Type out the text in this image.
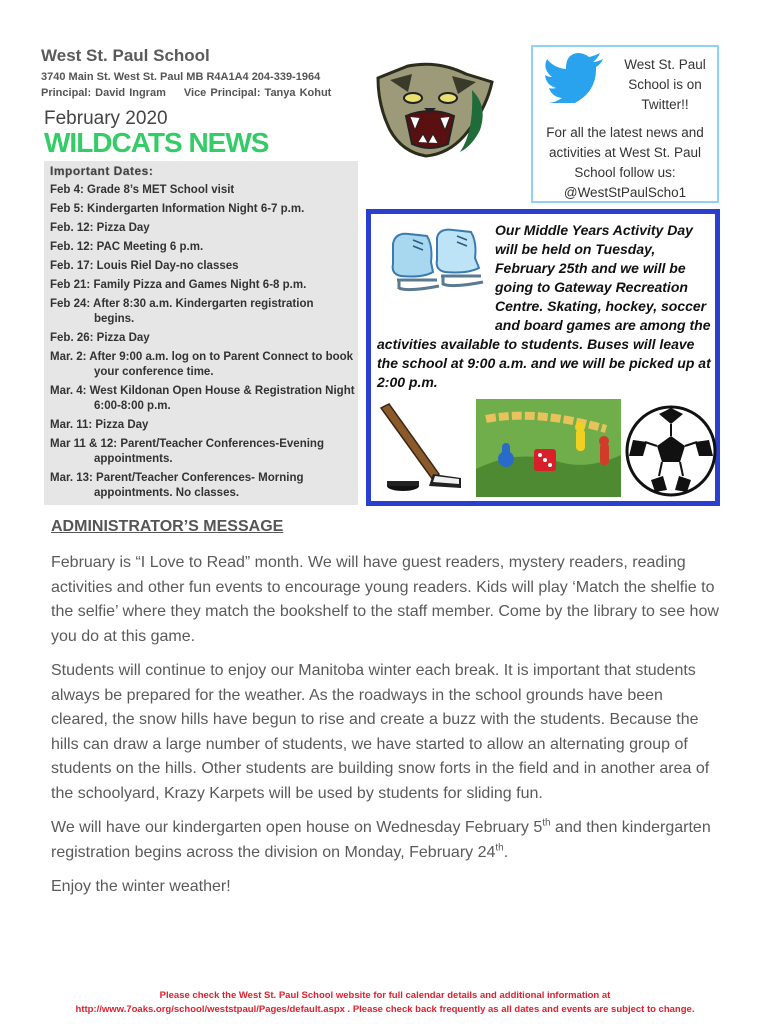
West St. Paul School
3740 Main St. West St. Paul MB R4A1A4 204-339-1964
Principal: David Ingram Vice Principal: Tanya Kohut
February 2020
WILDCATS NEWS
Important Dates:
Feb 4: Grade 8’s MET School visit
Feb 5: Kindergarten Information Night 6-7 p.m.
Feb. 12: Pizza Day
Feb. 12: PAC Meeting 6 p.m.
Feb. 17: Louis Riel Day-no classes
Feb 21: Family Pizza and Games Night 6-8 p.m.
Feb 24: After 8:30 a.m. Kindergarten registration begins.
Feb. 26: Pizza Day
Mar. 2: After 9:00 a.m. log on to Parent Connect to book your conference time.
Mar. 4: West Kildonan Open House & Registration Night 6:00-8:00 p.m.
Mar. 11: Pizza Day
Mar 11 & 12: Parent/Teacher Conferences-Evening appointments.
Mar. 13: Parent/Teacher Conferences- Morning appointments. No classes.
West St. Paul School is on Twitter!!
For all the latest news and activities at West St. Paul School follow us: @WestStPaulScho1
Our Middle Years Activity Day will be held on Tuesday, February 25th and we will be going to Gateway Recreation Centre. Skating, hockey, soccer and board games are among the activities available to students. Buses will leave the school at 9:00 a.m. and we will be picked up at 2:00 p.m.
ADMINISTRATOR’S MESSAGE

February is “I Love to Read” month. We will have guest readers, mystery readers, reading activities and other fun events to encourage young readers. Kids will play ‘Match the shelfie to the selfie’ where they match the bookshelf to the staff member. Come by the library to see how you do at this game.

Students will continue to enjoy our Manitoba winter each break. It is important that students always be prepared for the weather. As the roadways in the school grounds have been cleared, the snow hills have begun to rise and create a buzz with the students. Because the hills can draw a large number of students, we have started to allow an alternating group of students on the hills. Other students are building snow forts in the field and in another area of the schoolyard, Krazy Karpets will be used by students for sliding fun.

We will have our kindergarten open house on Wednesday February 5th and then kindergarten registration begins across the division on Monday, February 24th.

Enjoy the winter weather!

Please check the West St. Paul School website for full calendar details and additional information at
http://www.7oaks.org/school/weststpaul/Pages/default.aspx . Please check back frequently as all dates and events are subject to change.
